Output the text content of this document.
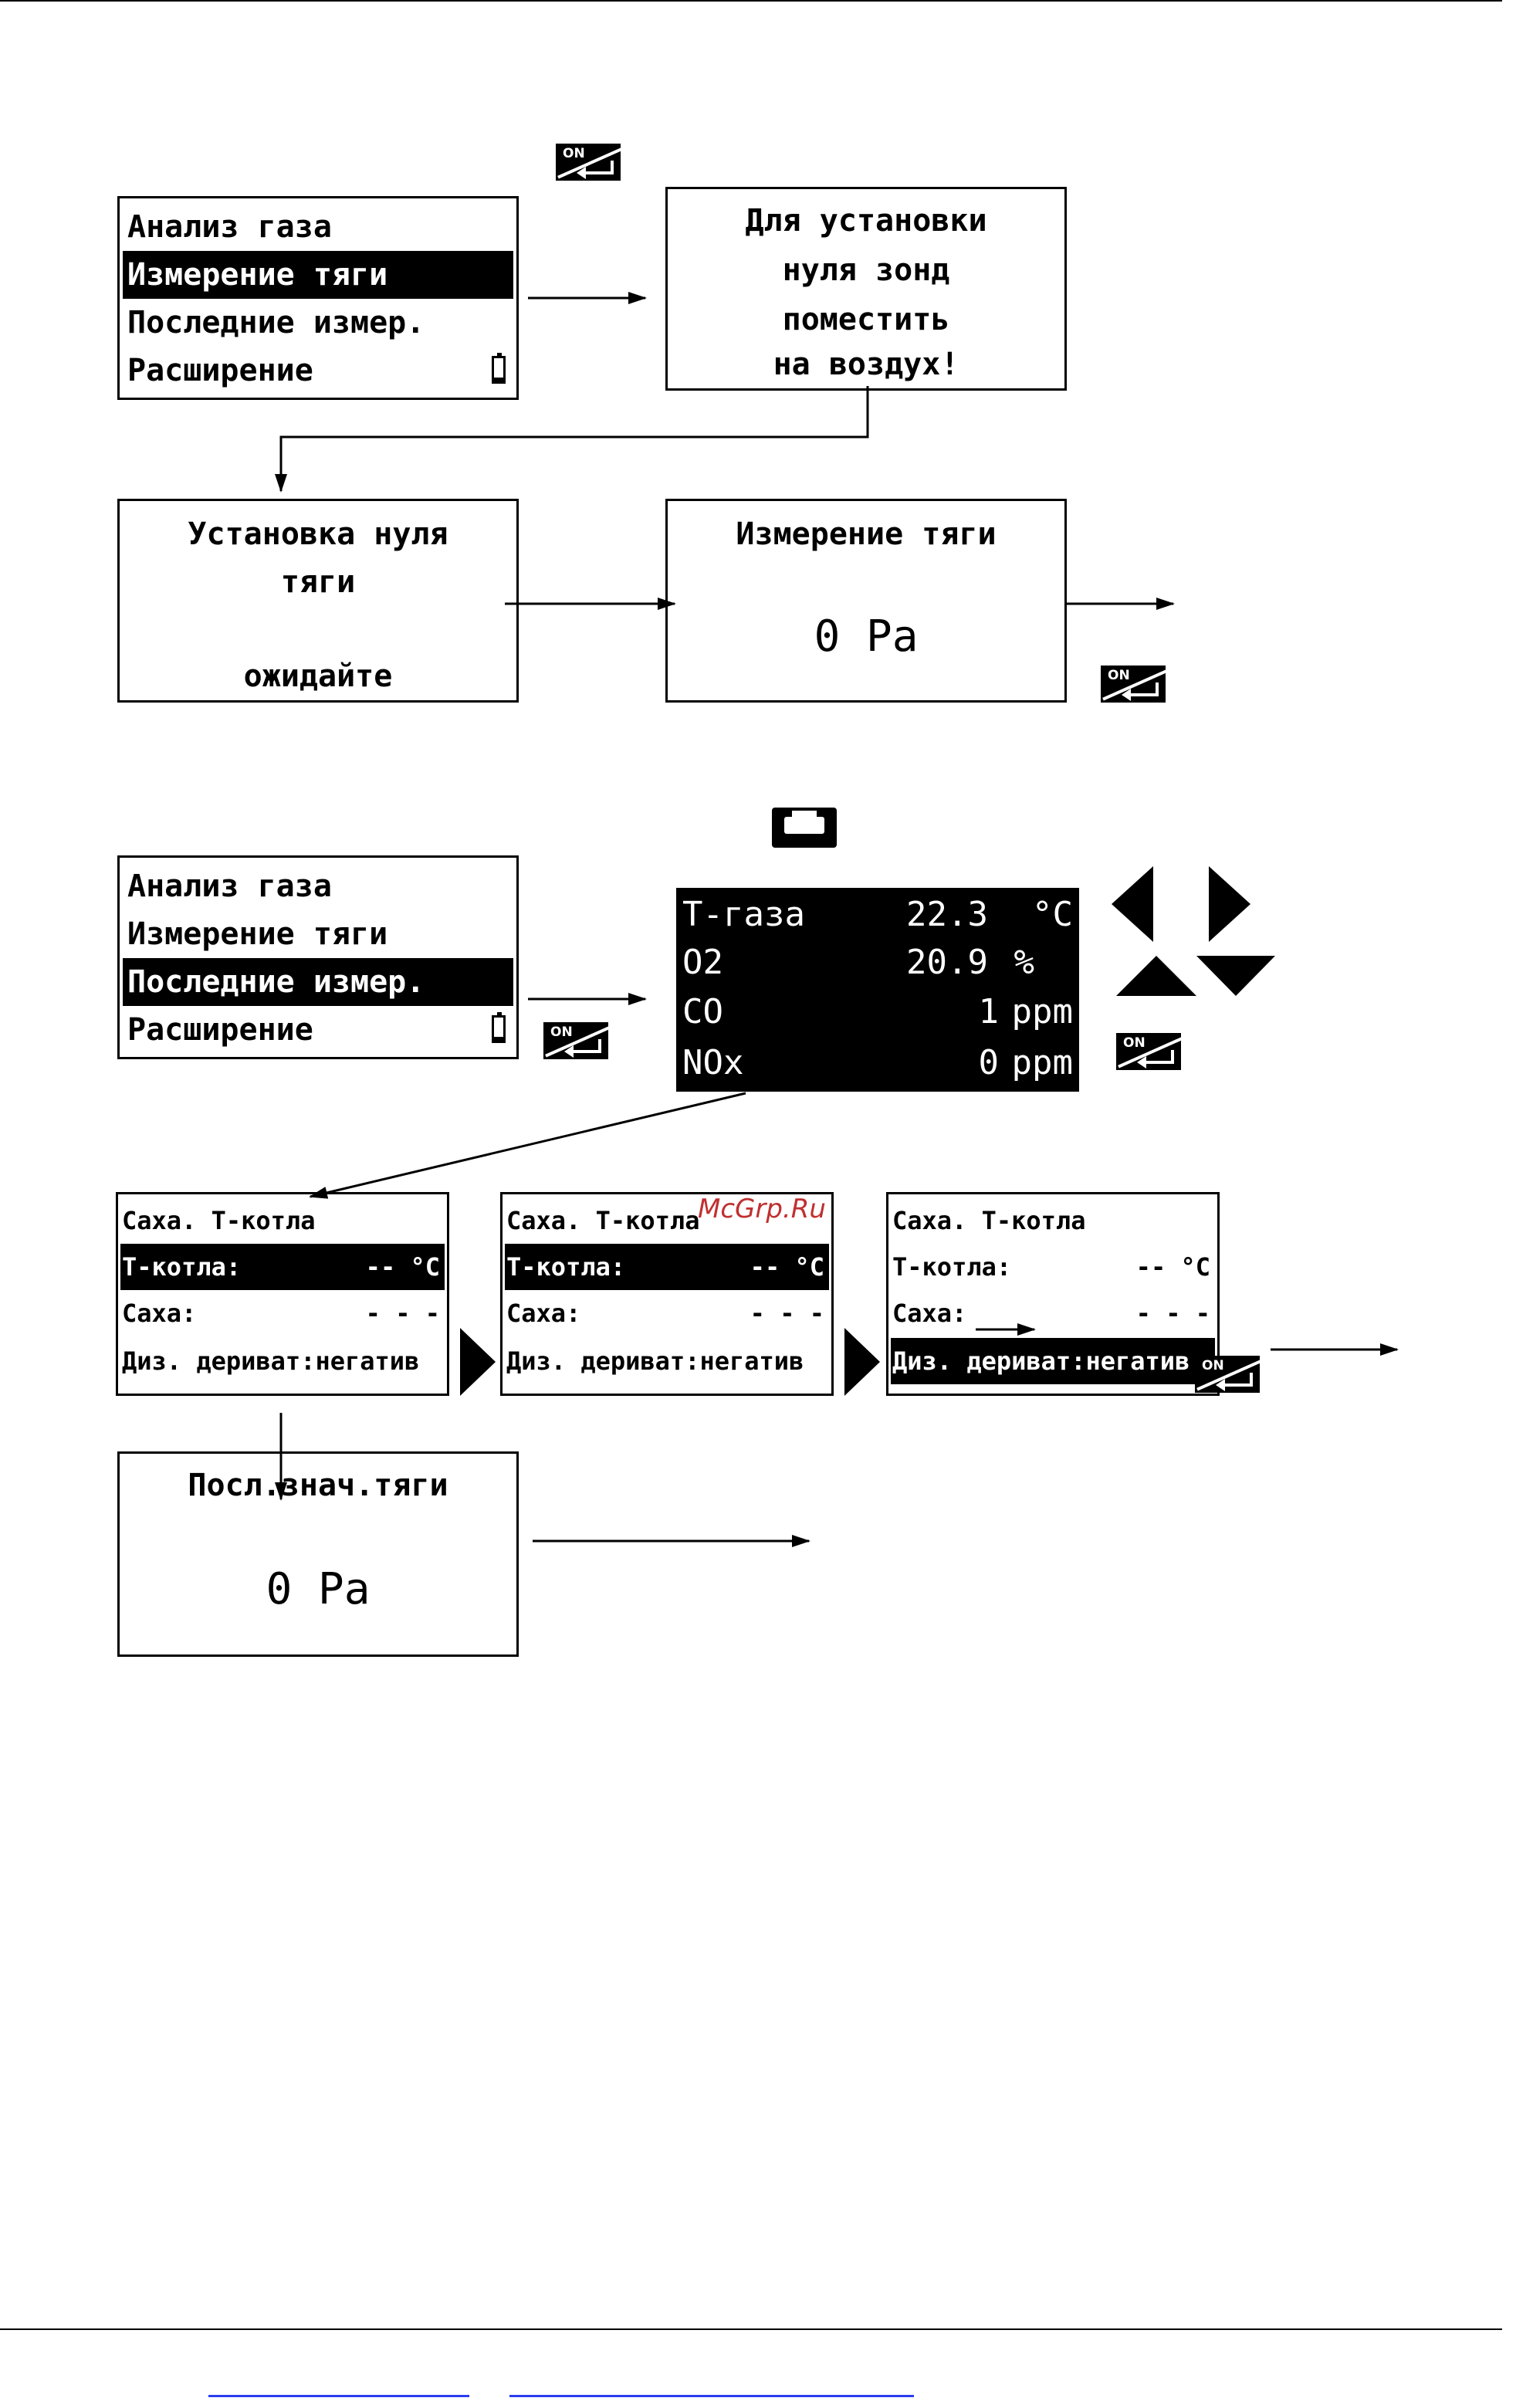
ON
Анализ газа
Измерение тяги
Последние измер.
Расширение
Для установки
нуля зонд
поместить
на воздух!
Установка нуля
тяги
ожидайте
Измерение тяги
0 Pa
ON
Анализ газа
Измерение тяги
Последние измер.
Расширение	ON
T-газа	22.3 °C
O2	20.9 %
CO	1 ppm
NOx	0 ppm	ON
Саха. Т-котла
Т-котла:	-- °C
Саха:	- - -
Диз. дериват:негатив
Саха. Т-котла
Т-котла:	-- °C
Саха:	- - -
Диз. дериват:негатив
Саха. Т-котла
Т-котла:	-- °C
Саха:	- - -
Диз. дериват:негатив ON
Посл.знач.тяги
0 Pa
McGrp.Ru
